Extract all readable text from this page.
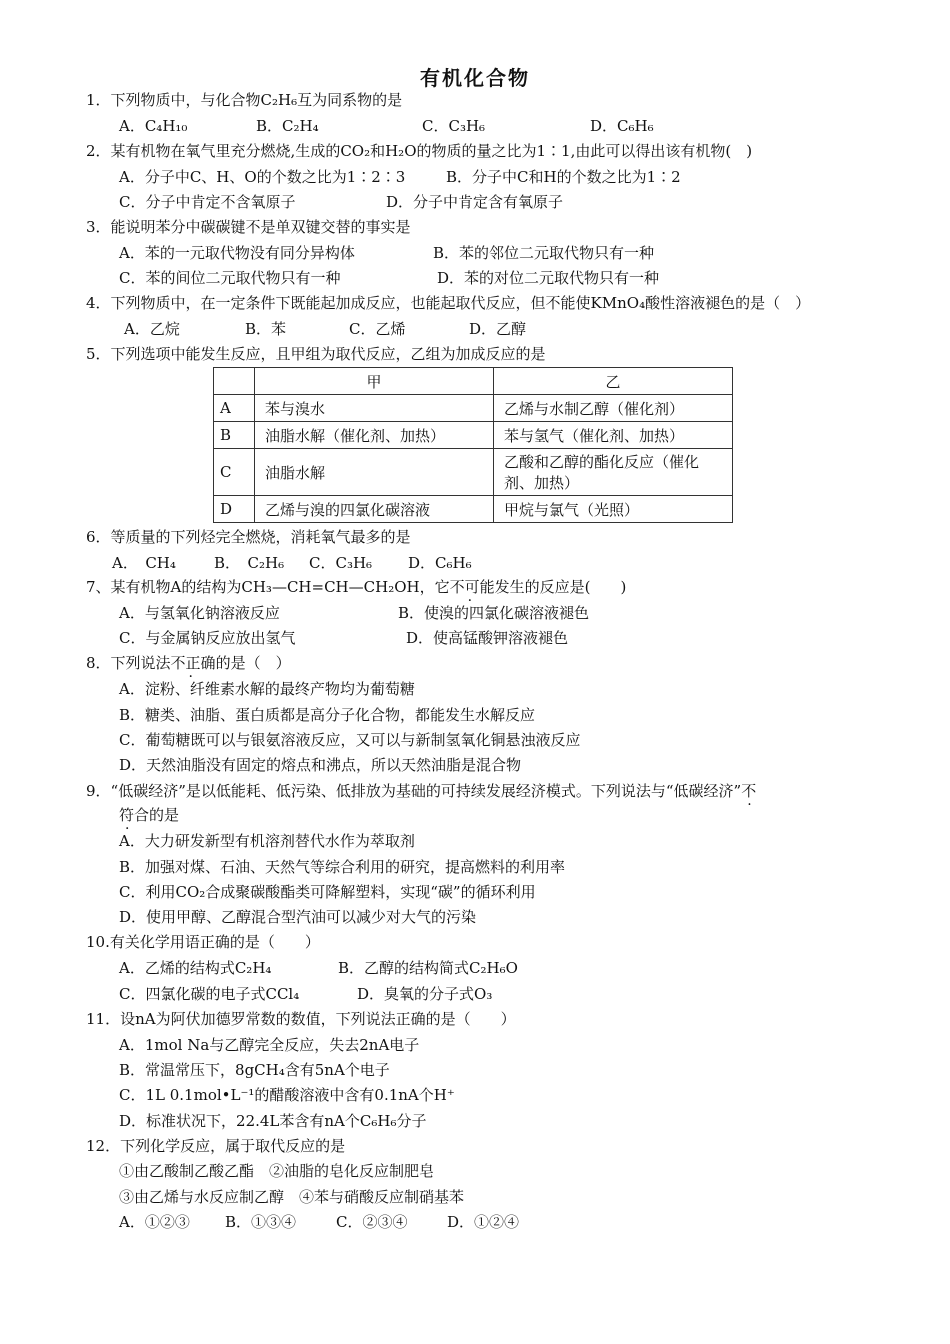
有机化合物
1．下列物质中，与化合物C₂H₆互为同系物的是
A．C₄H₁₀	B．C₂H₄	C．C₃H₆	D．C₆H₆
2．某有机物在氧气里充分燃烧,生成的CO₂和H₂O的物质的量之比为1∶1,由此可以得出该有机物(　)
A．分子中C、H、O的个数之比为1∶2∶3	B．分子中C和H的个数之比为1∶2
C．分子中肯定不含氧原子	D．分子中肯定含有氧原子
3．能说明苯分中碳碳键不是单双键交替的事实是
A．苯的一元取代物没有同分异构体	B．苯的邻位二元取代物只有一种
C．苯的间位二元取代物只有一种	D．苯的对位二元取代物只有一种
4．下列物质中，在一定条件下既能起加成反应，也能起取代反应，但不能使KMnO₄酸性溶液褪色的是（　）
A．乙烷	B．苯	C．乙烯	D．乙醇
5．下列选项中能发生反应，且甲组为取代反应，乙组为加成反应的是
	甲	乙
A	苯与溴水	乙烯与水制乙醇（催化剂）
B	油脂水解（催化剂、加热）	苯与氢气（催化剂、加热）
C	油脂水解	乙酸和乙醇的酯化反应（催化
剂、加热）

D	乙烯与溴的四氯化碳溶液	甲烷与氯气（光照）
6．等质量的下列烃完全燃烧，消耗氧气最多的是
A．　CH₄	B．　C₂H₆ C．C₃H₆ D．C₆H₆
7、某有机物A的结构为CH₃—CH=CH—CH₂OH，它不可能发生的反应是(　　)
A．与氢氧化钠溶液反应	B．使溴的四氯化碳溶液褪色
C．与金属钠反应放出氢气	D．使高锰酸钾溶液褪色
8．下列说法不正确的是（　）
A．淀粉、纤维素水解的最终产物均为葡萄糖
B．糖类、油脂、蛋白质都是高分子化合物，都能发生水解反应
C．葡萄糖既可以与银氨溶液反应，又可以与新制氢氧化铜悬浊液反应
D．天然油脂没有固定的熔点和沸点，所以天然油脂是混合物
9．“低碳经济”是以低能耗、低污染、低排放为基础的可持续发展经济模式。下列说法与“低碳经济”不
符合的是
A．大力研发新型有机溶剂替代水作为萃取剂
B．加强对煤、石油、天然气等综合利用的研究，提高燃料的利用率
C．利用CO₂合成聚碳酸酯类可降解塑料，实现“碳”的循环利用
D．使用甲醇、乙醇混合型汽油可以减少对大气的污染
10.有关化学用语正确的是（　　）
A．乙烯的结构式C₂H₄	B．乙醇的结构简式C₂H₆O
C．四氯化碳的电子式CCl₄	D．臭氧的分子式O₃
11．设nA为阿伏加德罗常数的数值，下列说法正确的是（　　）
A．1mol Na与乙醇完全反应，失去2nA电子
B．常温常压下，8gCH₄含有5nA个电子
C．1L 0.1mol•L⁻¹的醋酸溶液中含有0.1nA个H⁺
D．标准状况下，22.4L苯含有nA个C₆H₆分子
12．下列化学反应，属于取代反应的是
①由乙酸制乙酸乙酯　②油脂的皂化反应制肥皂
③由乙烯与水反应制乙醇　④苯与硝酸反应制硝基苯
A．①②③ B．①③④	C．②③④	D．①②④
